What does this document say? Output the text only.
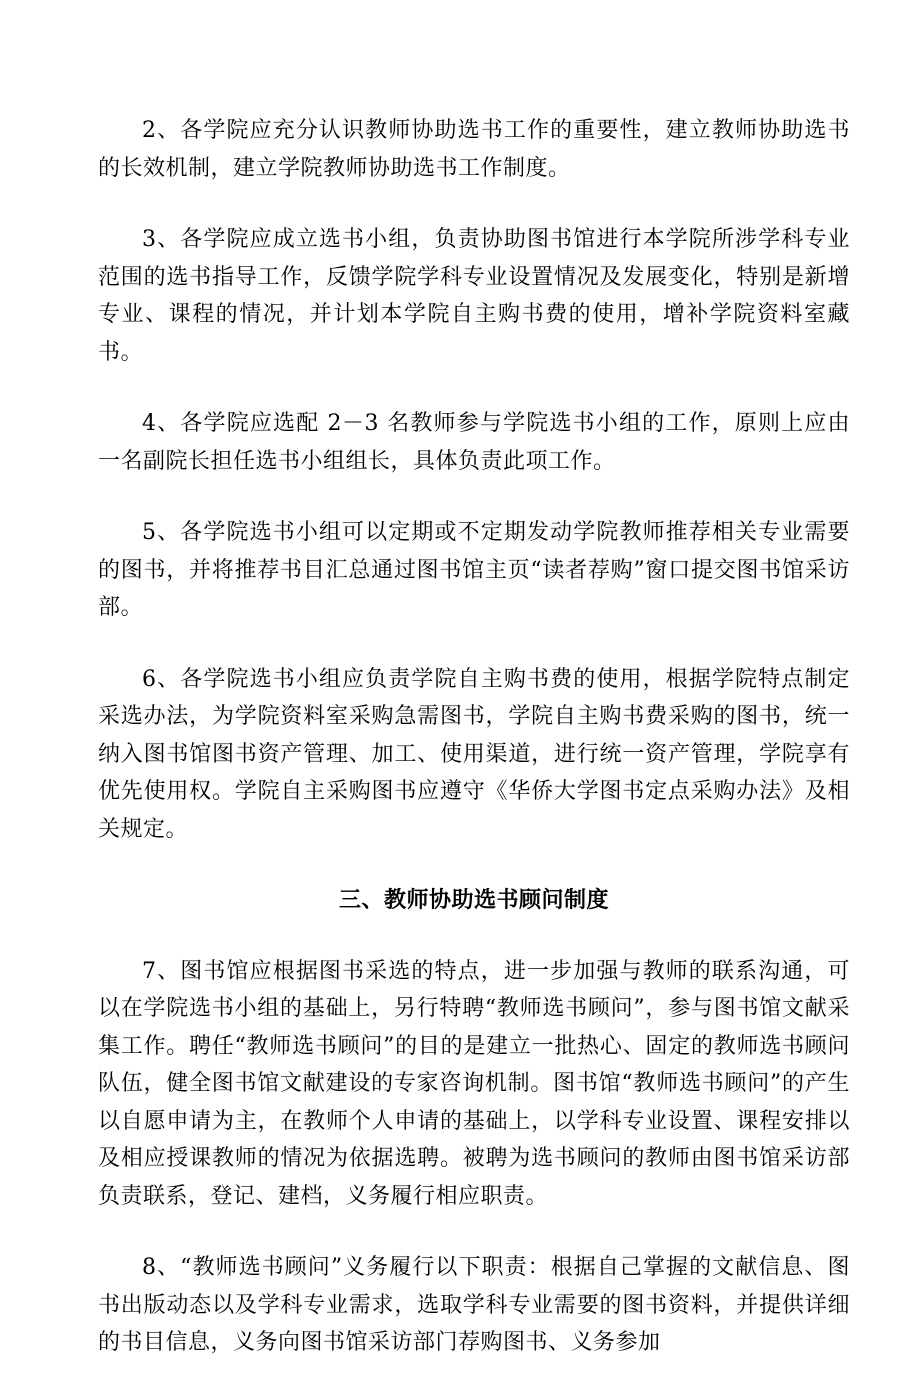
2、各学院应充分认识教师协助选书工作的重要性，建立教师协助选书的长效机制，建立学院教师协助选书工作制度。

3、各学院应成立选书小组，负责协助图书馆进行本学院所涉学科专业范围的选书指导工作，反馈学院学科专业设置情况及发展变化，特别是新增专业、课程的情况，并计划本学院自主购书费的使用，增补学院资料室藏书。

4、各学院应选配 2－3 名教师参与学院选书小组的工作，原则上应由一名副院长担任选书小组组长，具体负责此项工作。

5、各学院选书小组可以定期或不定期发动学院教师推荐相关专业需要的图书，并将推荐书目汇总通过图书馆主页“读者荐购”窗口提交图书馆采访部。

6、各学院选书小组应负责学院自主购书费的使用，根据学院特点制定采选办法，为学院资料室采购急需图书，学院自主购书费采购的图书，统一纳入图书馆图书资产管理、加工、使用渠道，进行统一资产管理，学院享有优先使用权。学院自主采购图书应遵守《华侨大学图书定点采购办法》及相关规定。

三、教师协助选书顾问制度

7、图书馆应根据图书采选的特点，进一步加强与教师的联系沟通，可以在学院选书小组的基础上，另行特聘“教师选书顾问”，参与图书馆文献采集工作。聘任“教师选书顾问”的目的是建立一批热心、固定的教师选书顾问队伍，健全图书馆文献建设的专家咨询机制。图书馆“教师选书顾问”的产生以自愿申请为主，在教师个人申请的基础上，以学科专业设置、课程安排以及相应授课教师的情况为依据选聘。被聘为选书顾问的教师由图书馆采访部负责联系，登记、建档，义务履行相应职责。

8、“教师选书顾问”义务履行以下职责：根据自己掌握的文献信息、图书出版动态以及学科专业需求，选取学科专业需要的图书资料，并提供详细的书目信息，义务向图书馆采访部门荐购图书、义务参加
